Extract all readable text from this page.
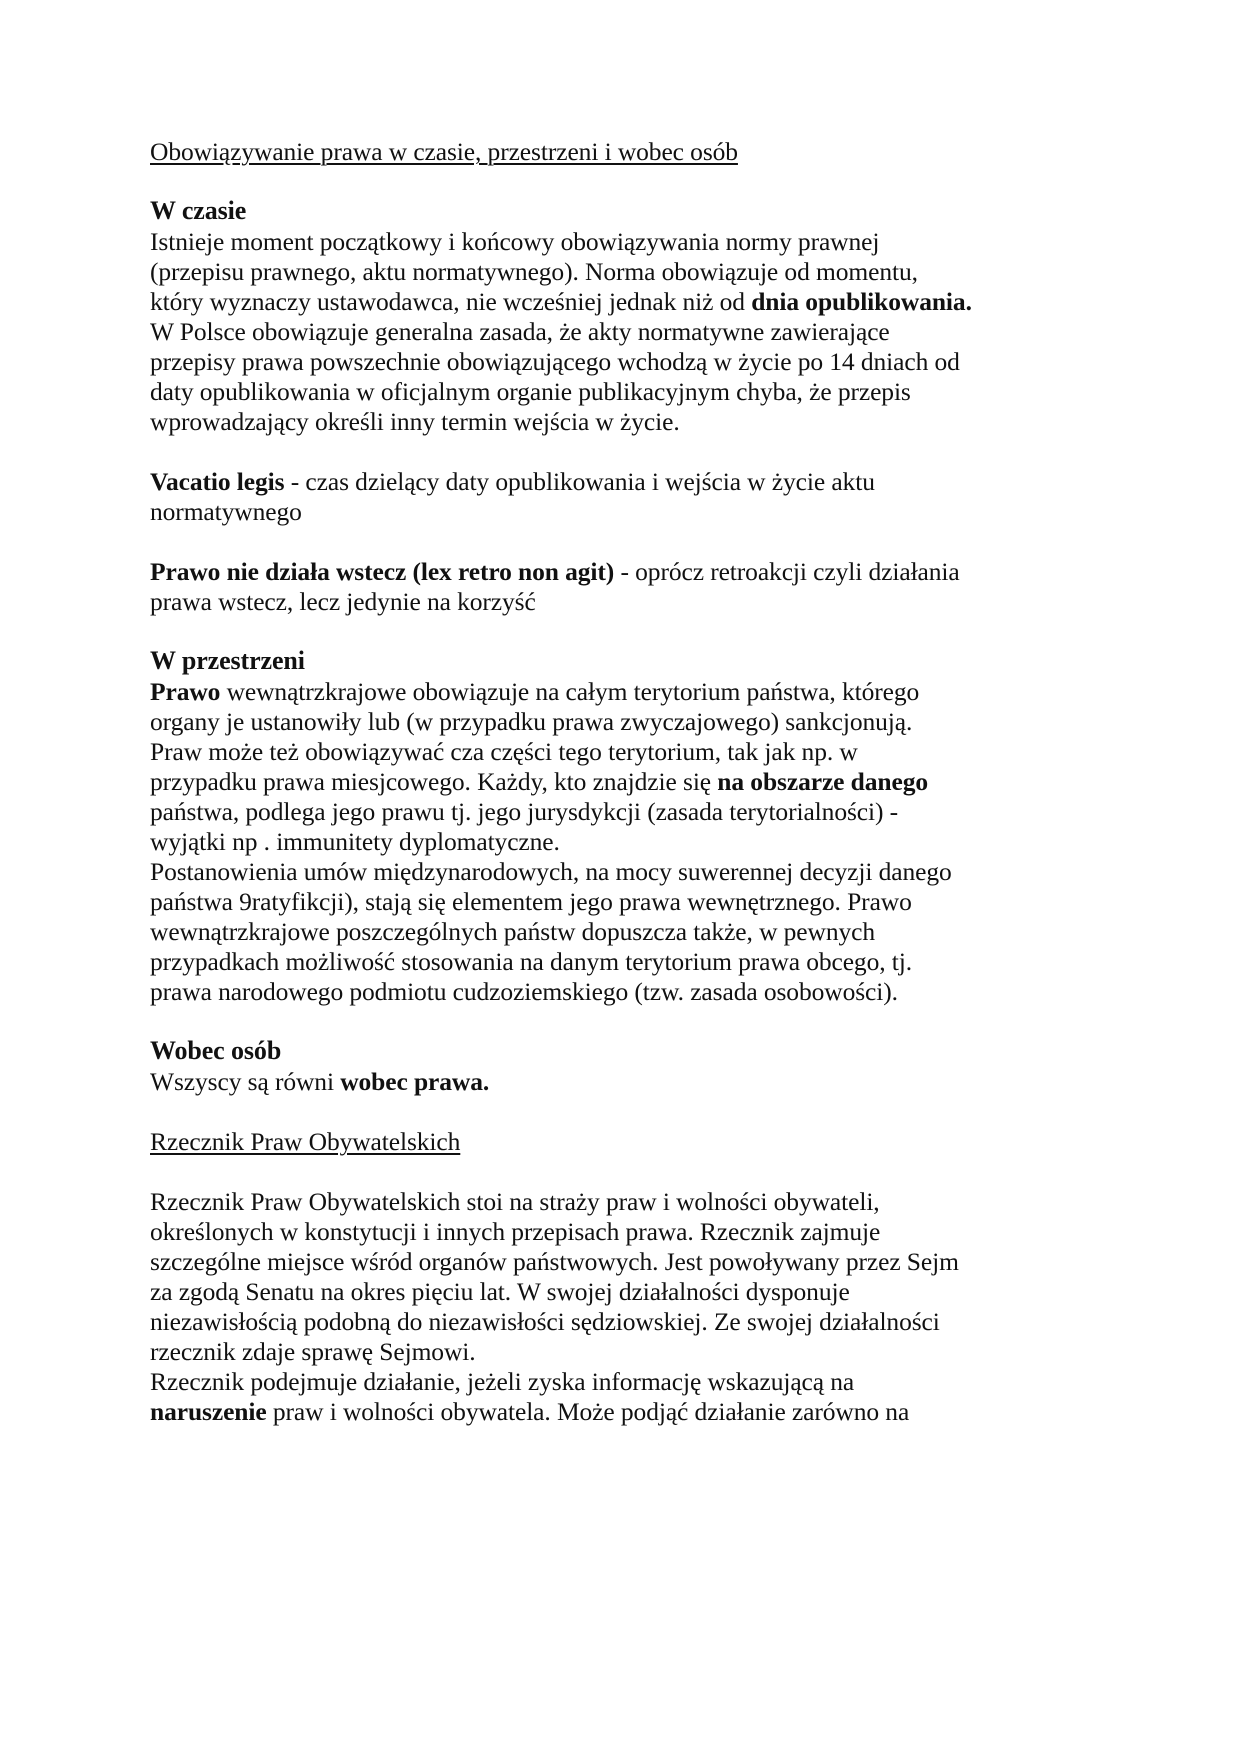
Obowiązywanie prawa w czasie, przestrzeni i wobec osób
W czasie
Istnieje moment początkowy i końcowy obowiązywania normy prawnej
(przepisu prawnego, aktu normatywnego). Norma obowiązuje od momentu,
który wyznaczy ustawodawca, nie wcześniej jednak niż od dnia opublikowania.
W Polsce obowiązuje generalna zasada, że akty normatywne zawierające
przepisy prawa powszechnie obowiązującego wchodzą w życie po 14 dniach od
daty opublikowania w oficjalnym organie publikacyjnym chyba, że przepis
wprowadzający określi inny termin wejścia w życie.
Vacatio legis - czas dzielący daty opublikowania i wejścia w życie aktu
normatywnego
Prawo nie działa wstecz (lex retro non agit) - oprócz retroakcji czyli działania
prawa wstecz, lecz jedynie na korzyść
W przestrzeni
Prawo wewnątrzkrajowe obowiązuje na całym terytorium państwa, którego
organy je ustanowiły lub (w przypadku prawa zwyczajowego) sankcjonują.
Praw może też obowiązywać cza części tego terytorium, tak jak np. w
przypadku prawa miesjcowego. Każdy, kto znajdzie się na obszarze danego
państwa, podlega jego prawu tj. jego jurysdykcji (zasada terytorialności) -
wyjątki np . immunitety dyplomatyczne.
Postanowienia umów międzynarodowych, na mocy suwerennej decyzji danego
państwa 9ratyfikcji), stają się elementem jego prawa wewnętrznego. Prawo
wewnątrzkrajowe poszczególnych państw dopuszcza także, w pewnych
przypadkach możliwość stosowania na danym terytorium prawa obcego, tj.
prawa narodowego podmiotu cudzoziemskiego (tzw. zasada osobowości).
Wobec osób
Wszyscy są równi wobec prawa.
Rzecznik Praw Obywatelskich
Rzecznik Praw Obywatelskich stoi na straży praw i wolności obywateli,
określonych w konstytucji i innych przepisach prawa. Rzecznik zajmuje
szczególne miejsce wśród organów państwowych. Jest powoływany przez Sejm
za zgodą Senatu na okres pięciu lat. W swojej działalności dysponuje
niezawisłością podobną do niezawisłości sędziowskiej. Ze swojej działalności
rzecznik zdaje sprawę Sejmowi.
Rzecznik podejmuje działanie, jeżeli zyska informację wskazującą na
naruszenie praw i wolności obywatela. Może podjąć działanie zarówno na
